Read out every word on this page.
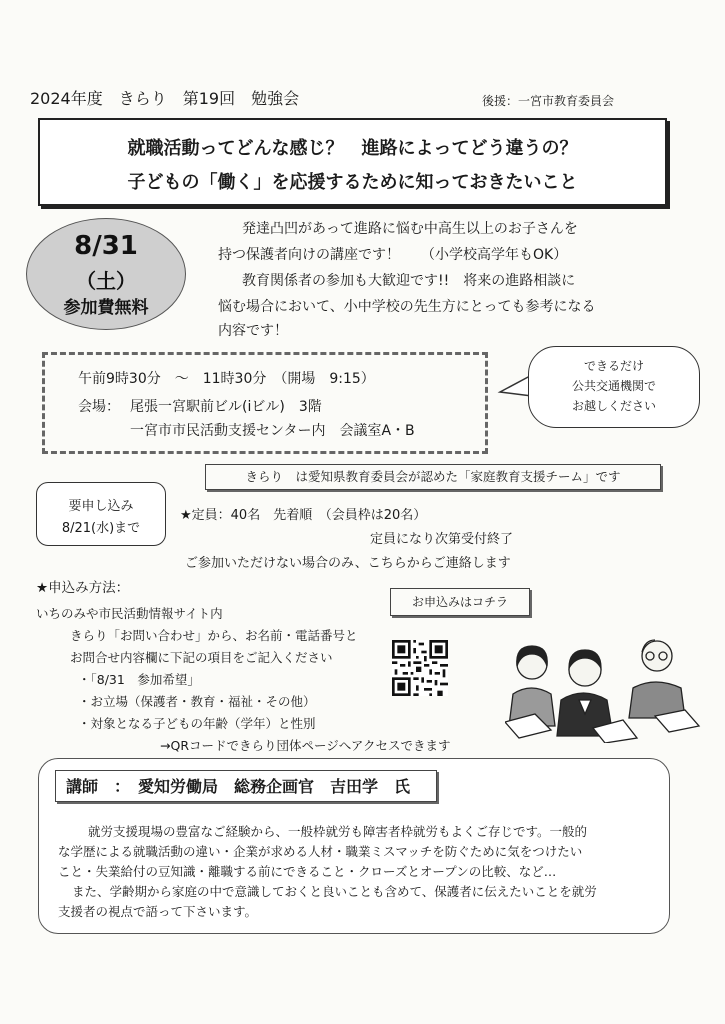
2024年度　きらり　第19回　勉強会	後援：一宮市教育委員会
就職活動ってどんな感じ？　進路によってどう違うの？
子どもの「働く」を応援するために知っておきたいこと
8/31
（土）
参加費無料
発達凸凹があって進路に悩む中高生以上のお子さんを
持つ保護者向けの講座です！　　（小学校高学年もOK）
教育関係者の参加も大歓迎です!!　将来の進路相談に
悩む場合において、小中学校の先生方にとっても参考になる
内容です！
午前9時30分　～　11時30分　（開場　9:15）
会場： 尾張一宮駅前ビル(iビル)　3階
一宮市市民活動支援センター内　会議室A・B
できるだけ
公共交通機関で
お越しください
きらり　は愛知県教育委員会が認めた「家庭教育支援チーム」です
要申し込み
8/21(水)まで
★定員：40名　先着順　（会員枠は20名）
定員になり次第受付終了
ご参加いただけない場合のみ、こちらからご連絡します
★申込み方法：
いちのみや市民活動情報サイト内
きらり「お問い合わせ」から、お名前・電話番号と
お問合せ内容欄に下記の項目をご記入ください
・「8/31　参加希望」
・お立場（保護者・教育・福祉・その他）
・対象となる子どもの年齢（学年）と性別
→QRコードできらり団体ページへアクセスできます
お申込みはコチラ
講師　：　愛知労働局　総務企画官　吉田学　氏
就労支援現場の豊富なご経験から、一般枠就労も障害者枠就労もよくご存じです。一般的
な学歴による就職活動の違い・企業が求める人材・職業ミスマッチを防ぐために気をつけたい
こと・失業給付の豆知識・離職する前にできること・クローズとオープンの比較、など…
また、学齢期から家庭の中で意識しておくと良いことも含めて、保護者に伝えたいことを就労
支援者の視点で語って下さいます。
